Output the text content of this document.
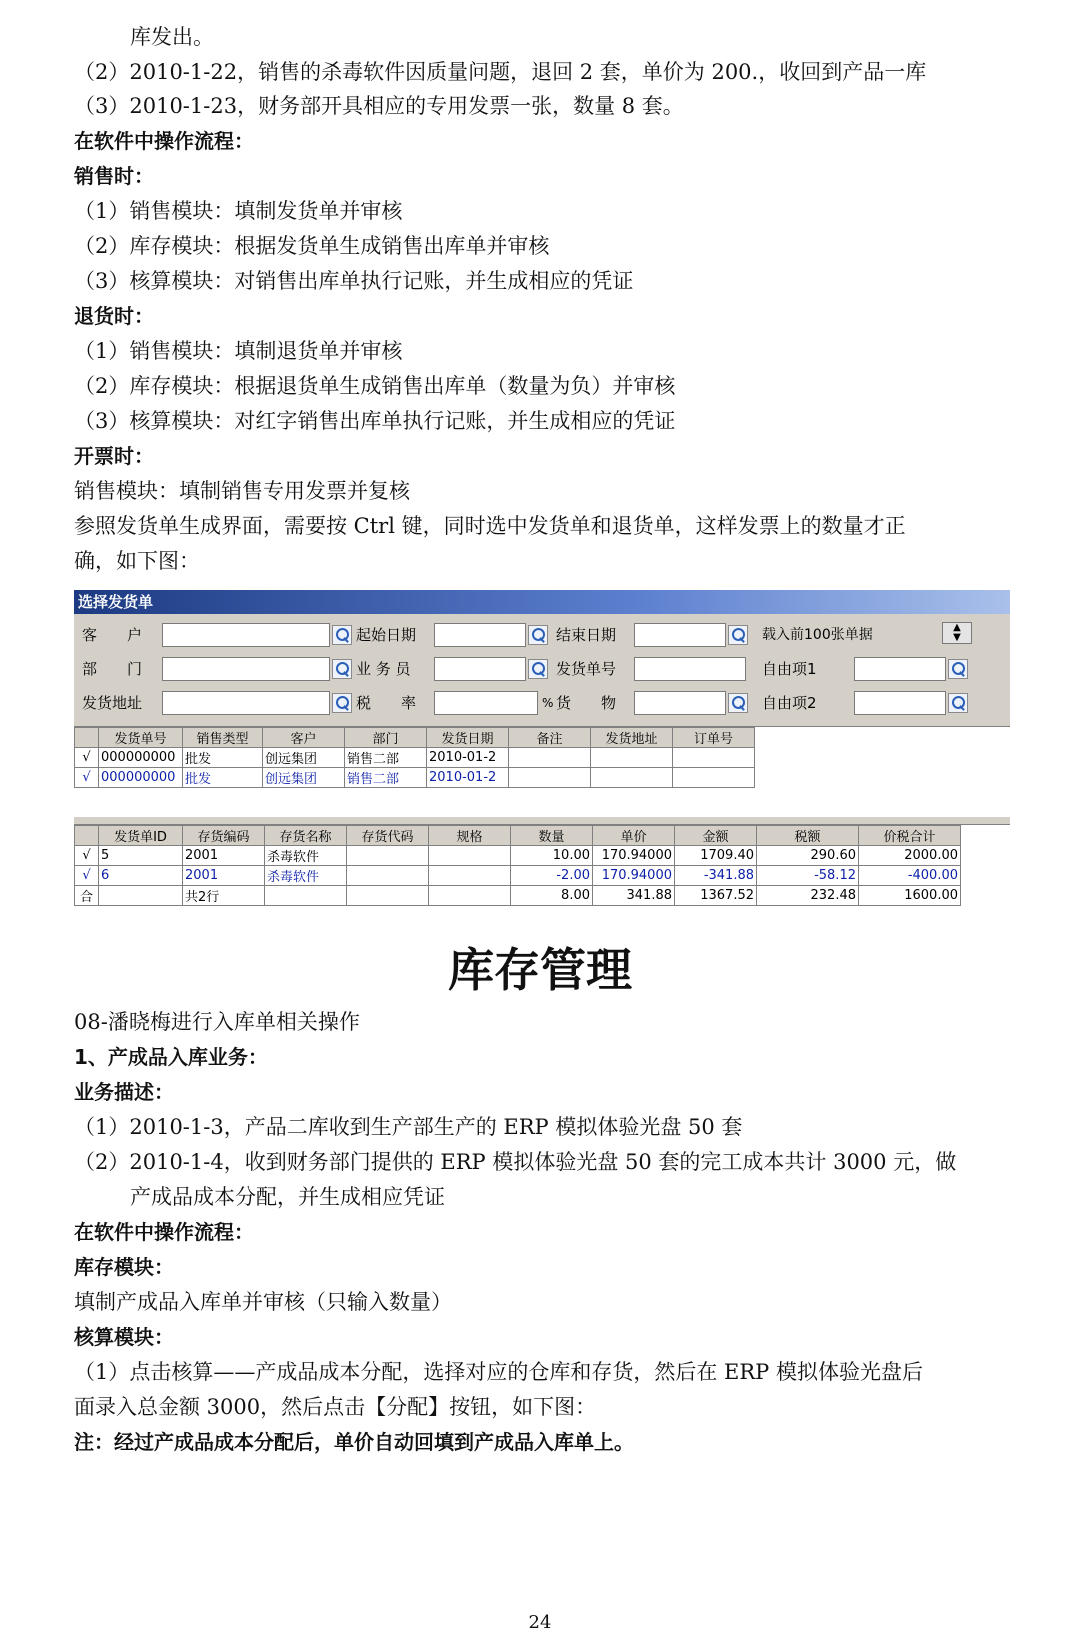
库发出。
（2）2010-1-22，销售的杀毒软件因质量问题，退回 2 套，单价为 200.，收回到产品一库
（3）2010-1-23，财务部开具相应的专用发票一张，数量 8 套。
在软件中操作流程：
销售时：
（1）销售模块：填制发货单并审核
（2）库存模块：根据发货单生成销售出库单并审核
（3）核算模块：对销售出库单执行记账，并生成相应的凭证
退货时：
（1）销售模块：填制退货单并审核
（2）库存模块：根据退货单生成销售出库单（数量为负）并审核
（3）核算模块：对红字销售出库单执行记账，并生成相应的凭证
开票时：
销售模块：填制销售专用发票并复核
参照发货单生成界面，需要按 Ctrl 键，同时选中发货单和退货单，这样发票上的数量才正
确，如下图：
选择发货单
客　　户	起始日期	结束日期	载入前100张单据	▲
▼
部　　门	业 务 员	发货单号	自由项1
发货地址	税　　率	% 货　　物	自由项2
	发货单号	销售类型	客户	部门	发货日期	备注	发货地址	订单号
√	000000000	批发	创远集团	销售二部	2010-01-2			
√	000000000	批发	创远集团	销售二部	2010-01-2			
	发货单ID	存货编码	存货名称	存货代码	规格	数量	单价	金额	税额	价税合计
√	5	2001	杀毒软件			10.00	170.94000	1709.40	290.60	2000.00
√	6	2001	杀毒软件			-2.00	170.94000	-341.88	-58.12	-400.00
合		共2行				8.00	341.88	1367.52	232.48	1600.00
库存管理
08-潘晓梅进行入库单相关操作
1、产成品入库业务：
业务描述：
（1）2010-1-3，产品二库收到生产部生产的 ERP 模拟体验光盘 50 套
（2）2010-1-4，收到财务部门提供的 ERP 模拟体验光盘 50 套的完工成本共计 3000 元，做
产成品成本分配，并生成相应凭证
在软件中操作流程：
库存模块：
填制产成品入库单并审核（只输入数量）
核算模块：
（1）点击核算——产成品成本分配，选择对应的仓库和存货，然后在 ERP 模拟体验光盘后
面录入总金额 3000，然后点击【分配】按钮，如下图：
注：经过产成品成本分配后，单价自动回填到产成品入库单上。
24
